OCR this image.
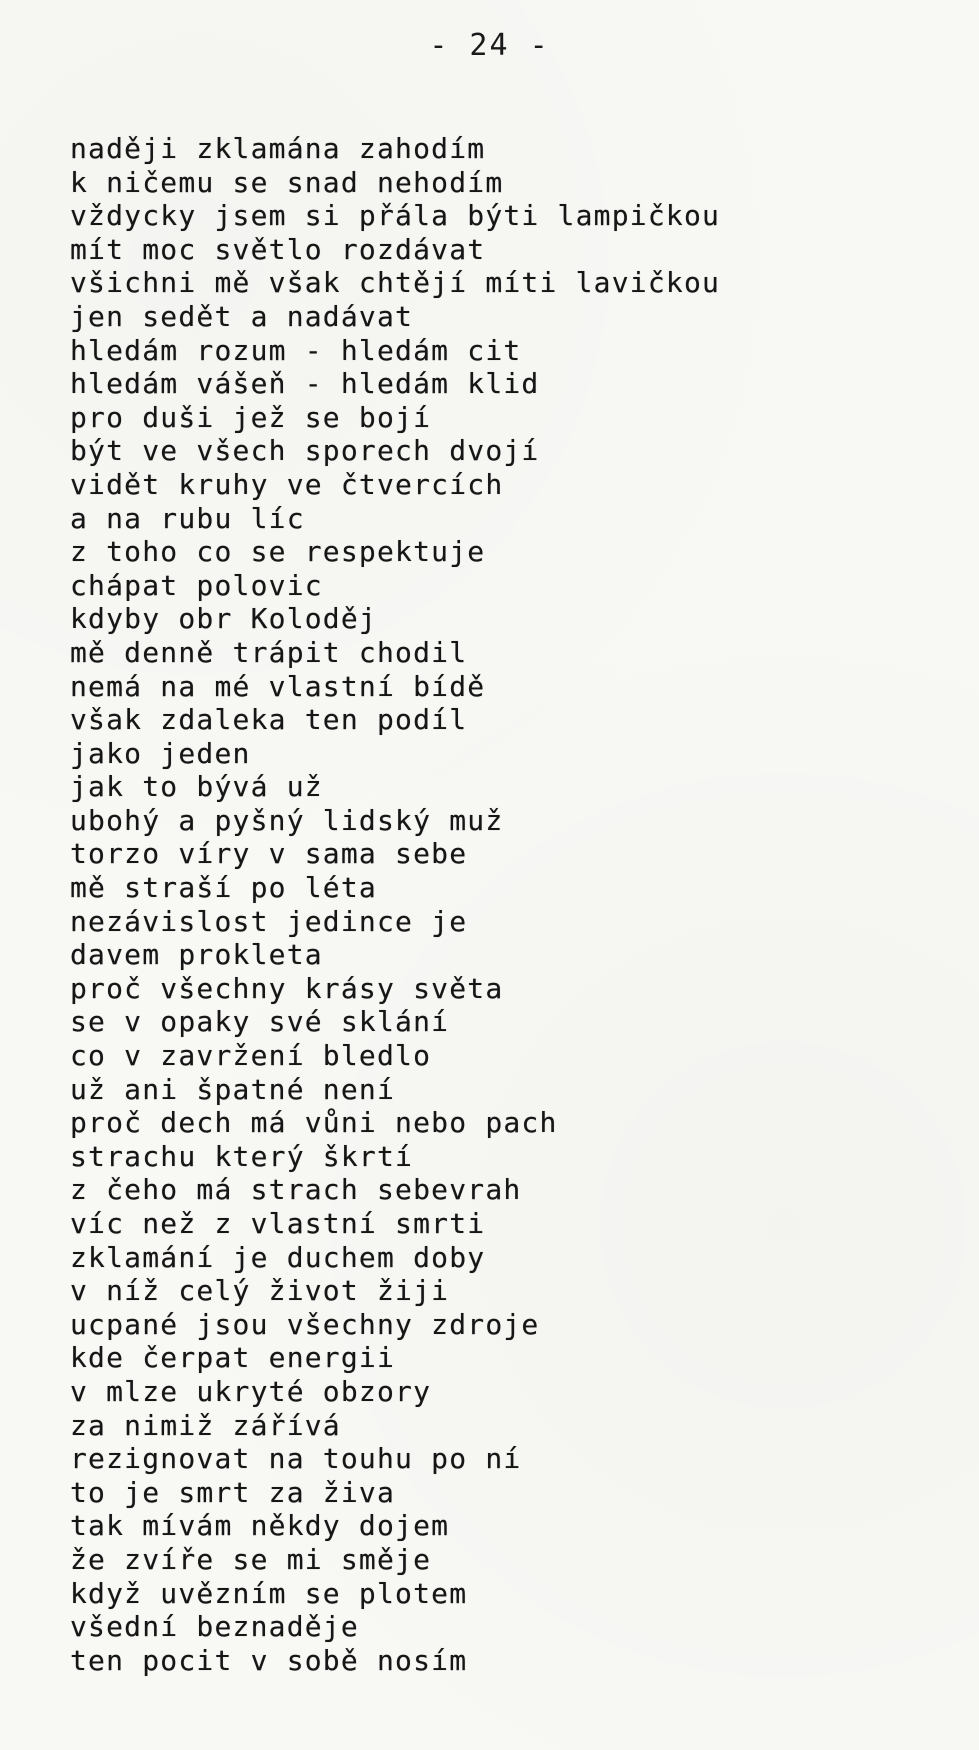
- 24 -
naději zklamána zahodím
k ničemu se snad nehodím
vždycky jsem si přála býti lampičkou
mít moc světlo rozdávat
všichni mě však chtějí míti lavičkou
jen sedět a nadávat
hledám rozum - hledám cit
hledám vášeň - hledám klid
pro duši jež se bojí
být ve všech sporech dvojí
vidět kruhy ve čtvercích
a na rubu líc
z toho co se respektuje
chápat polovic
kdyby obr Koloděj
mě denně trápit chodil
nemá na mé vlastní bídě
však zdaleka ten podíl
jako jeden
jak to bývá už
ubohý a pyšný lidský muž
torzo víry v sama sebe
mě straší po léta
nezávislost jedince je
davem prokleta
proč všechny krásy světa
se v opaky své sklání
co v zavržení bledlo
už ani špatné není
proč dech má vůni nebo pach
strachu který škrtí
z čeho má strach sebevrah
víc než z vlastní smrti
zklamání je duchem doby
v níž celý život žiji
ucpané jsou všechny zdroje
kde čerpat energii
v mlze ukryté obzory
za nimiž zářívá
rezignovat na touhu po ní
to je smrt za živa
tak mívám někdy dojem
že zvíře se mi směje
když uvězním se plotem
všední beznaděje
ten pocit v sobě nosím
